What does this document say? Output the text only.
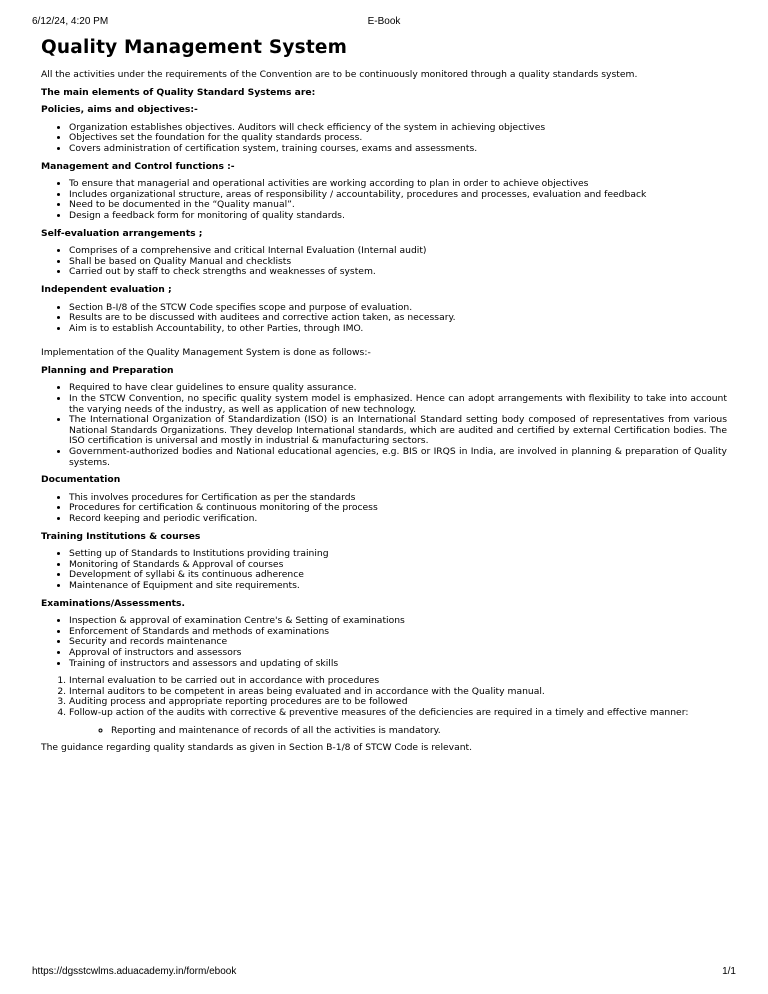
6/12/24, 4:20 PM	E-Book
Quality Management System

All the activities under the requirements of the Convention are to be continuously monitored through a quality standards system.

The main elements of Quality Standard Systems are:

Policies, aims and objectives:-

• Organization establishes objectives. Auditors will check efficiency of the system in achieving objectives
• Objectives set the foundation for the quality standards process.
• Covers administration of certification system, training courses, exams and assessments.

Management and Control functions :-

• To ensure that managerial and operational activities are working according to plan in order to achieve objectives
• Includes organizational structure, areas of responsibility / accountability, procedures and processes, evaluation and feedback
• Need to be documented in the “Quality manual”.
• Design a feedback form for monitoring of quality standards.

Self-evaluation arrangements ;

• Comprises of a comprehensive and critical Internal Evaluation (Internal audit)
• Shall be based on Quality Manual and checklists
• Carried out by staff to check strengths and weaknesses of system.

Independent evaluation ;

• Section B-I/8 of the STCW Code specifies scope and purpose of evaluation.
• Results are to be discussed with auditees and corrective action taken, as necessary.
• Aim is to establish Accountability, to other Parties, through IMO.

Implementation of the Quality Management System is done as follows:-

Planning and Preparation

• Required to have clear guidelines to ensure quality assurance.
• In the STCW Convention, no specific quality system model is emphasized. Hence can adopt arrangements with flexibility to take into account the varying needs of the industry, as well as application of new technology.
• The International Organization of Standardization (ISO) is an International Standard setting body composed of representatives from various National Standards Organizations. They develop International standards, which are audited and certified by external Certification bodies. The ISO certification is universal and mostly in industrial & manufacturing sectors.
• Government-authorized bodies and National educational agencies, e.g. BIS or IRQS in India, are involved in planning & preparation of Quality systems.

Documentation

• This involves procedures for Certification as per the standards
• Procedures for certification & continuous monitoring of the process
• Record keeping and periodic verification.

Training Institutions & courses

• Setting up of Standards to Institutions providing training
• Monitoring of Standards & Approval of courses
• Development of syllabi & its continuous adherence
• Maintenance of Equipment and site requirements.

Examinations/Assessments.

• Inspection & approval of examination Centre's & Setting of examinations
• Enforcement of Standards and methods of examinations
• Security and records maintenance
• Approval of instructors and assessors
• Training of instructors and assessors and updating of skills
1. Internal evaluation to be carried out in accordance with procedures
2. Internal auditors to be competent in areas being evaluated and in accordance with the Quality manual.
3. Auditing process and appropriate reporting procedures are to be followed
4. Follow-up action of the audits with corrective & preventive measures of the deficiencies are required in a timely and effective manner:
◦ Reporting and maintenance of records of all the activities is mandatory.

The guidance regarding quality standards as given in Section B-1/8 of STCW Code is relevant.

https://dgsstcwlms.aduacademy.in/form/ebook	1/1
